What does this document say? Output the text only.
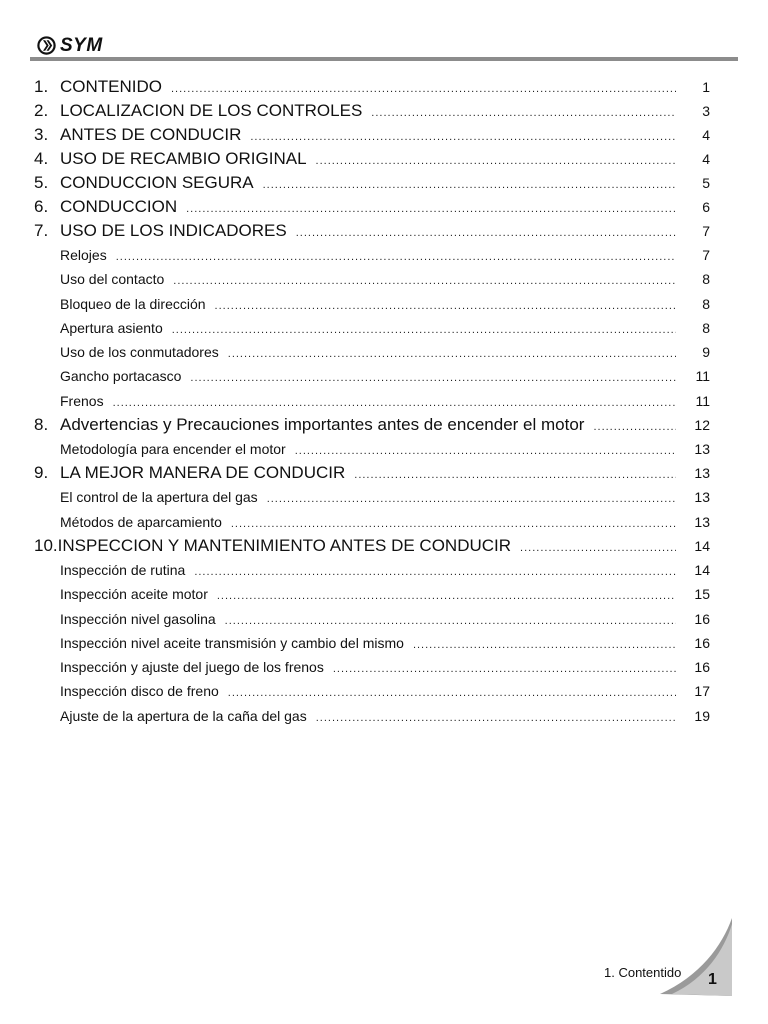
SYM
1. CONTENIDO .....	1
2. LOCALIZACION DE LOS CONTROLES .....	3
3. ANTES DE CONDUCIR .....	4
4. USO DE RECAMBIO ORIGINAL .....	4
5. CONDUCCION SEGURA .....	5
6. CONDUCCION .....	6
7. USO DE LOS INDICADORES .....	7
Relojes .....	7
Uso del contacto .....	8
Bloqueo de la dirección .....	8
Apertura asiento .....	8
Uso de los conmutadores .....	9
Gancho portacasco .....	11
Frenos .....	11
8. Advertencias y Precauciones importantes antes de encender el motor .....	12
Metodología para encender el motor .....	13
9. LA MEJOR MANERA DE CONDUCIR .....	13
El control de la apertura del gas .....	13
Métodos de aparcamiento .....	13
10. INSPECCION Y MANTENIMIENTO ANTES DE CONDUCIR .....	14
Inspección de rutina .....	14
Inspección aceite motor .....	15
Inspección nivel gasolina .....	16
Inspección nivel aceite transmisión y cambio del mismo .....	16
Inspección y ajuste del juego de los frenos .....	16
Inspección disco de freno .....	17
Ajuste de la apertura de la caña del gas .....	19
1. Contentido 1
